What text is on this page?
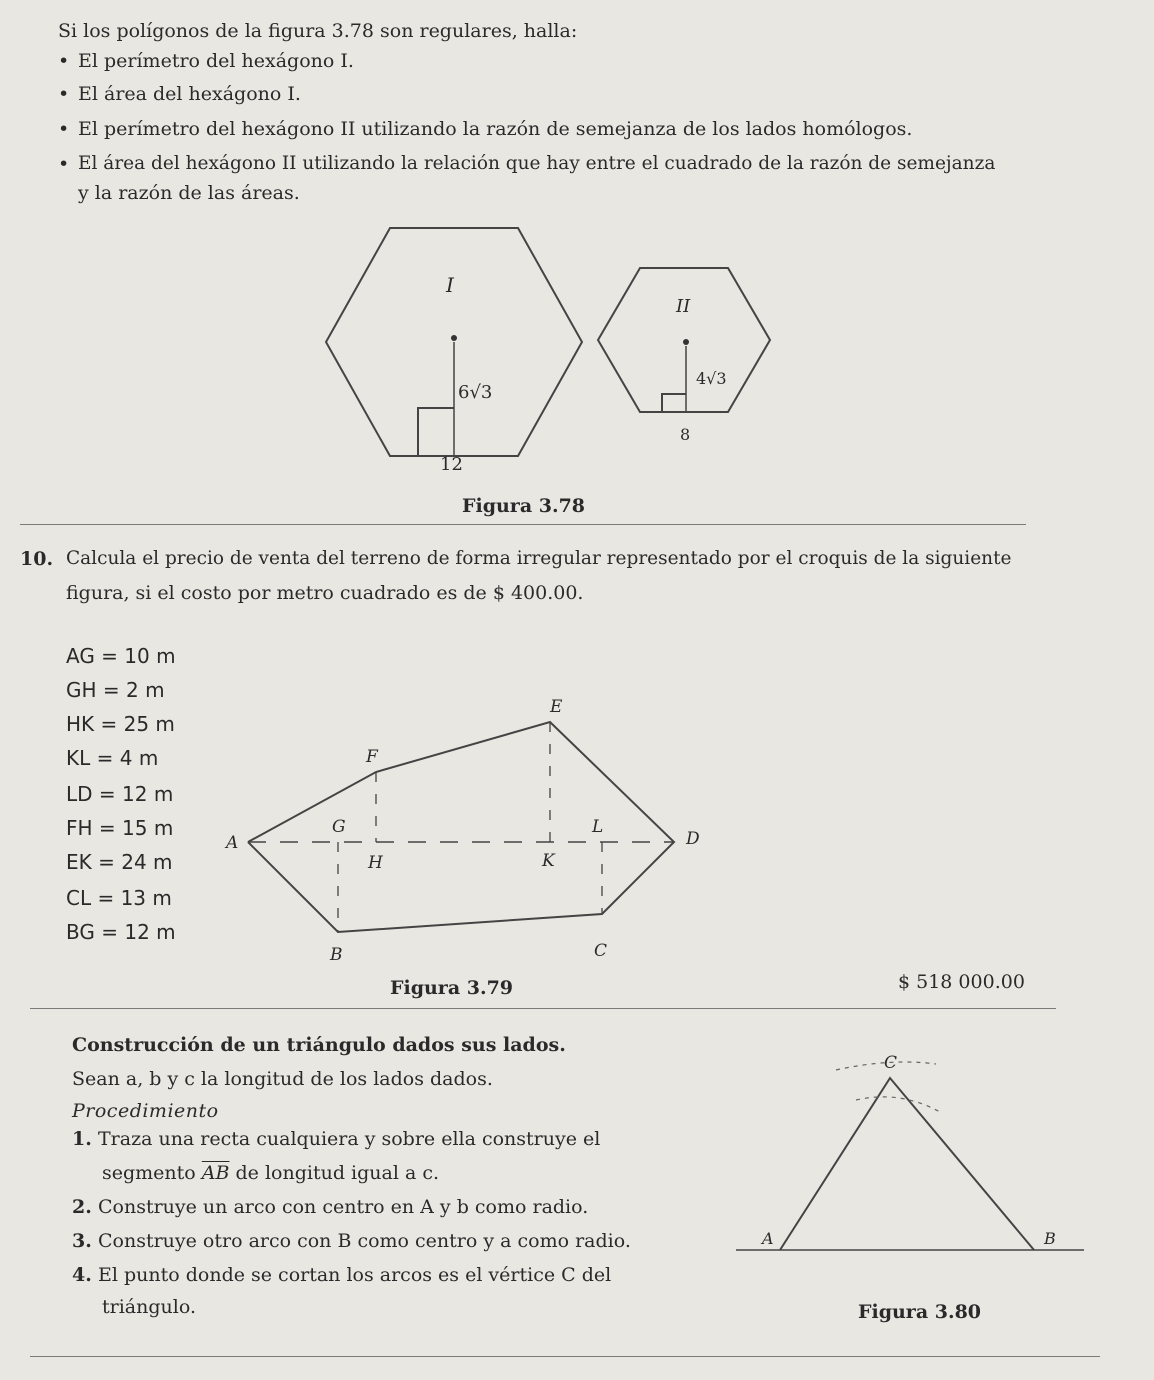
Si los polígonos de la figura 3.78 son regulares, halla:
• El perímetro del hexágono I.
• El área del hexágono I.
• El perímetro del hexágono II utilizando la razón de semejanza de los lados homólogos.
• El área del hexágono II utilizando la relación que hay entre el cuadrado de la razón de semejanza
y la razón de las áreas.
I
6√3
12
II
4√3
8
Figura 3.78
10. Calcula el precio de venta del terreno de forma irregular representado por el croquis de la siguiente
figura, si el costo por metro cuadrado es de $ 400.00.
AG = 10 m
GH = 2 m
HK = 25 m
KL = 4 m
LD = 12 m
FH = 15 m
EK = 24 m
CL = 13 m
BG = 12 m
A
B	C
D
E
F
G
H	K
L
Figura 3.79	$ 518 000.00
Construcción de un triángulo dados sus lados.
Sean a, b y c la longitud de los lados dados.
Procedimiento
1. Traza una recta cualquiera y sobre ella construye el
segmento $\overline{AB}$ de longitud igual a c.
2. Construye un arco con centro en A y b como radio.
3. Construye otro arco con B como centro y a como radio.
4. El punto donde se cortan los arcos es el vértice C del
triángulo.
C
A	B
Figura 3.80
